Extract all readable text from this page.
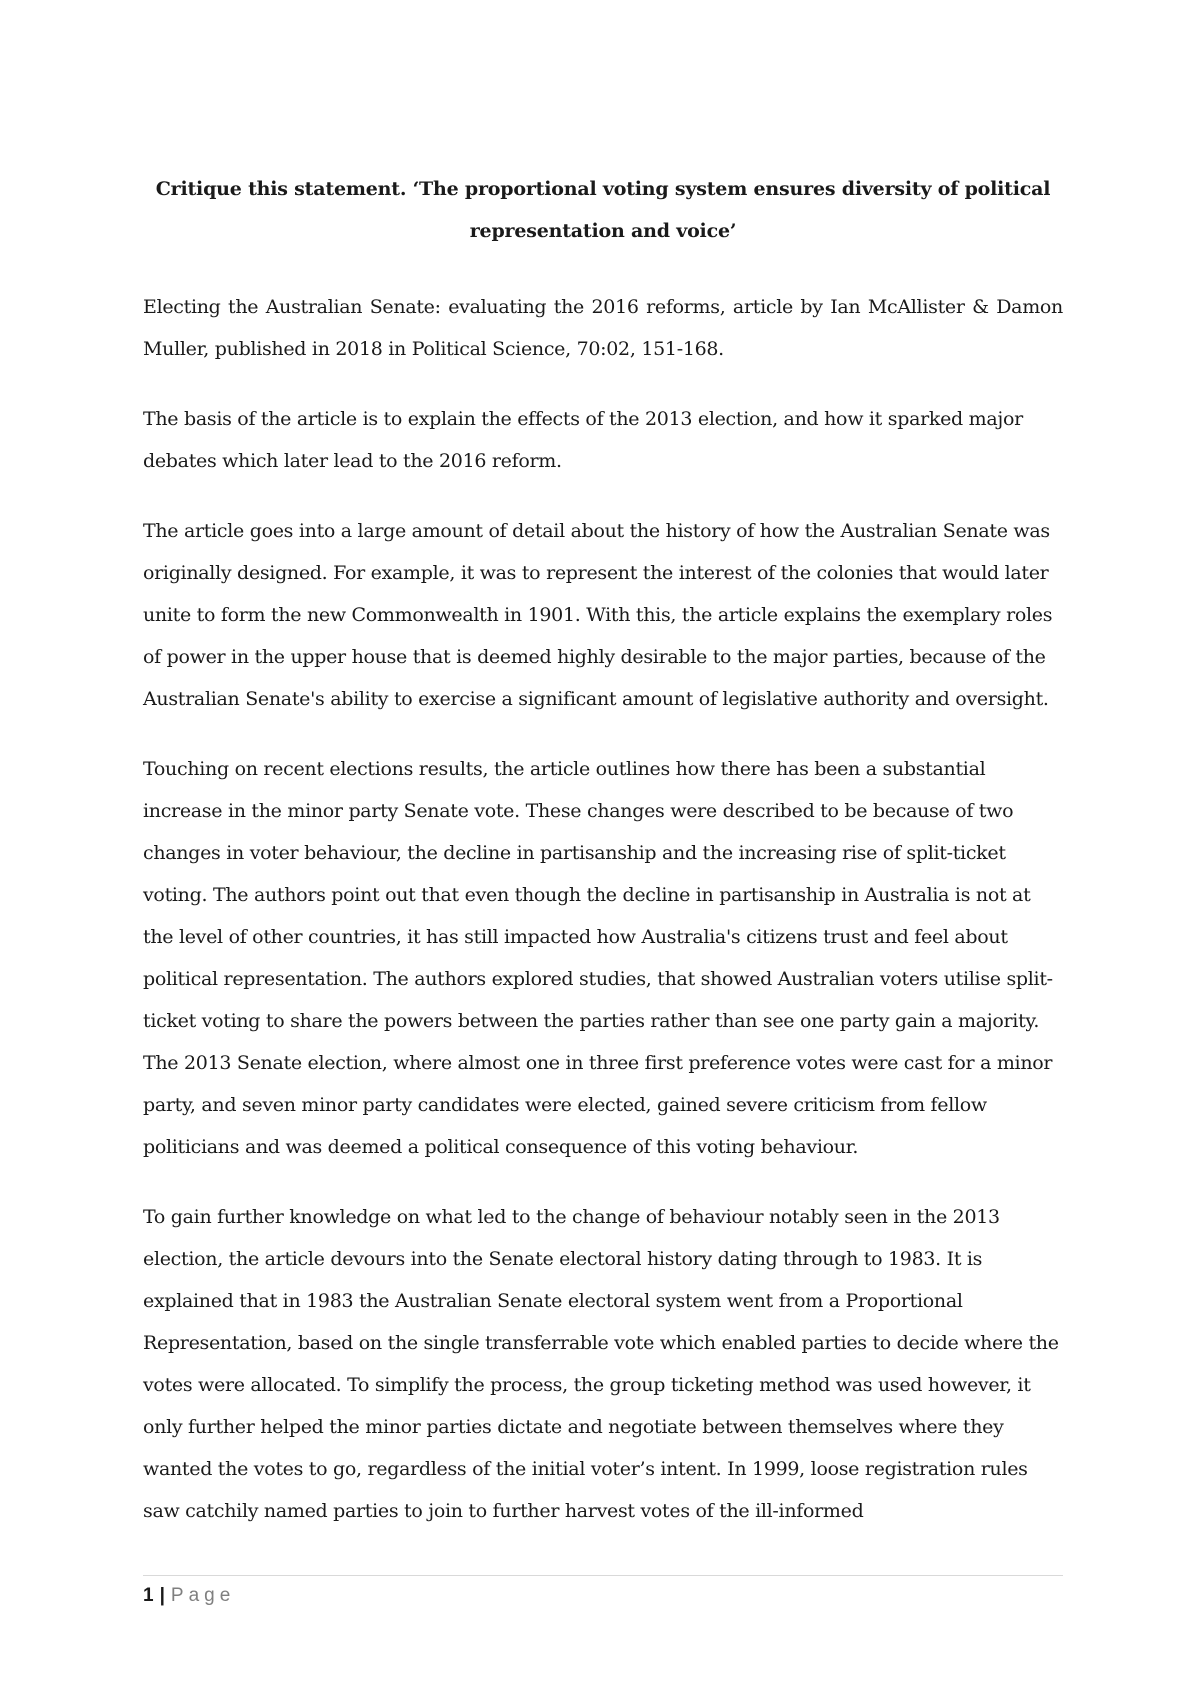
Critique this statement. ‘The proportional voting system ensures diversity of political representation and voice’

Electing the Australian Senate: evaluating the 2016 reforms, article by Ian McAllister & Damon Muller, published in 2018 in Political Science, 70:02, 151-168.

The basis of the article is to explain the effects of the 2013 election, and how it sparked major debates which later lead to the 2016 reform.

The article goes into a large amount of detail about the history of how the Australian Senate was originally designed. For example, it was to represent the interest of the colonies that would later unite to form the new Commonwealth in 1901. With this, the article explains the exemplary roles of power in the upper house that is deemed highly desirable to the major parties, because of the Australian Senate's ability to exercise a significant amount of legislative authority and oversight.

Touching on recent elections results, the article outlines how there has been a substantial increase in the minor party Senate vote. These changes were described to be because of two changes in voter behaviour, the decline in partisanship and the increasing rise of split-ticket voting. The authors point out that even though the decline in partisanship in Australia is not at the level of other countries, it has still impacted how Australia's citizens trust and feel about political representation. The authors explored studies, that showed Australian voters utilise split-ticket voting to share the powers between the parties rather than see one party gain a majority. The 2013 Senate election, where almost one in three first preference votes were cast for a minor party, and seven minor party candidates were elected, gained severe criticism from fellow politicians and was deemed a political consequence of this voting behaviour.

To gain further knowledge on what led to the change of behaviour notably seen in the 2013 election, the article devours into the Senate electoral history dating through to 1983. It is explained that in 1983 the Australian Senate electoral system went from a Proportional Representation, based on the single transferrable vote which enabled parties to decide where the votes were allocated. To simplify the process, the group ticketing method was used however, it only further helped the minor parties dictate and negotiate between themselves where they wanted the votes to go, regardless of the initial voter’s intent. In 1999, loose registration rules saw catchily named parties to join to further harvest votes of the ill-informed

1 | Page
